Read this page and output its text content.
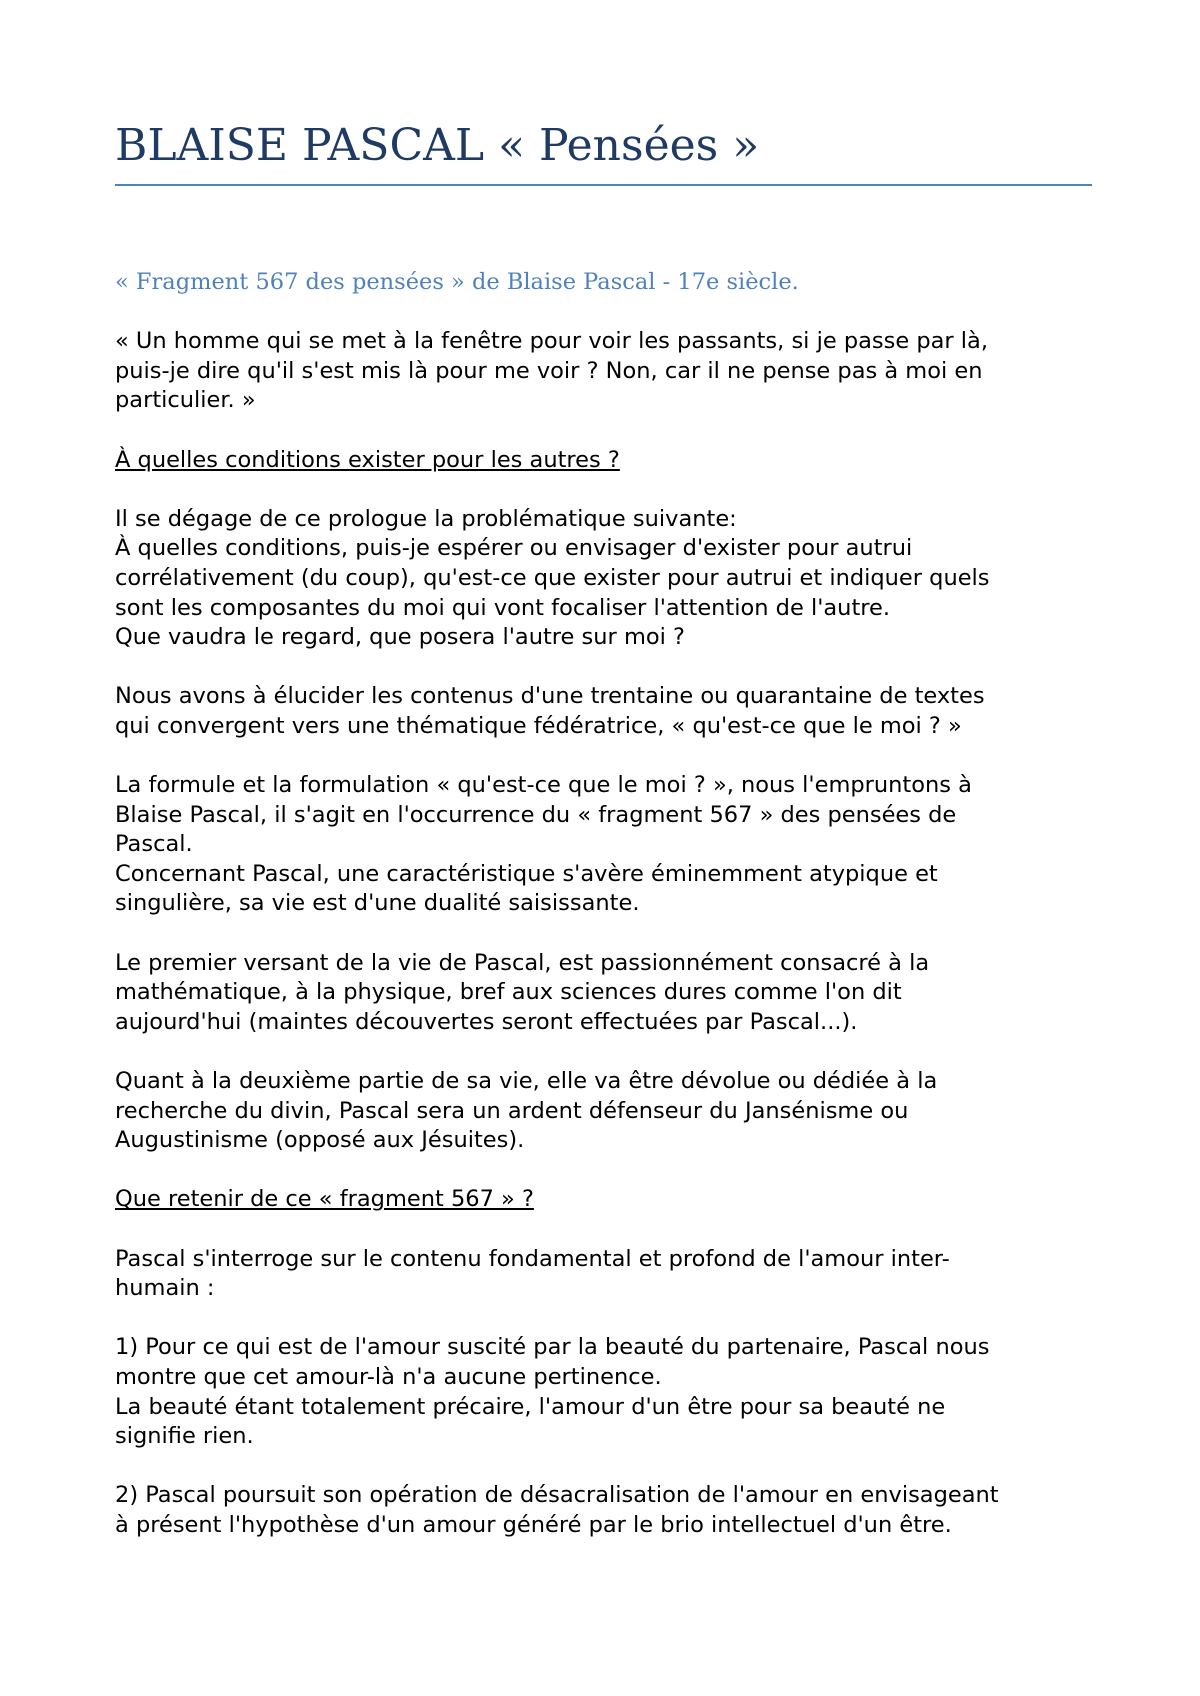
BLAISE PASCAL « Pensées »

« Fragment 567 des pensées » de Blaise Pascal - 17e siècle.

« Un homme qui se met à la fenêtre pour voir les passants, si je passe par là,
puis-je dire qu'il s'est mis là pour me voir ? Non, car il ne pense pas à moi en
particulier. »

À quelles conditions exister pour les autres ?

Il se dégage de ce prologue la problématique suivante:
À quelles conditions, puis-je espérer ou envisager d'exister pour autrui
corrélativement (du coup), qu'est-ce que exister pour autrui et indiquer quels
sont les composantes du moi qui vont focaliser l'attention de l'autre.
Que vaudra le regard, que posera l'autre sur moi ?

Nous avons à élucider les contenus d'une trentaine ou quarantaine de textes
qui convergent vers une thématique fédératrice, « qu'est-ce que le moi ? »

La formule et la formulation « qu'est-ce que le moi ? », nous l'empruntons à
Blaise Pascal, il s'agit en l'occurrence du « fragment 567 » des pensées de
Pascal.
Concernant Pascal, une caractéristique s'avère éminemment atypique et
singulière, sa vie est d'une dualité saisissante.

Le premier versant de la vie de Pascal, est passionnément consacré à la
mathématique, à la physique, bref aux sciences dures comme l'on dit
aujourd'hui (maintes découvertes seront effectuées par Pascal...).

Quant à la deuxième partie de sa vie, elle va être dévolue ou dédiée à la
recherche du divin, Pascal sera un ardent défenseur du Jansénisme ou
Augustinisme (opposé aux Jésuites).

Que retenir de ce « fragment 567 » ?

Pascal s'interroge sur le contenu fondamental et profond de l'amour inter-
humain :

1) Pour ce qui est de l'amour suscité par la beauté du partenaire, Pascal nous
montre que cet amour-là n'a aucune pertinence.
La beauté étant totalement précaire, l'amour d'un être pour sa beauté ne
signifie rien.

2) Pascal poursuit son opération de désacralisation de l'amour en envisageant
à présent l'hypothèse d'un amour généré par le brio intellectuel d'un être.
